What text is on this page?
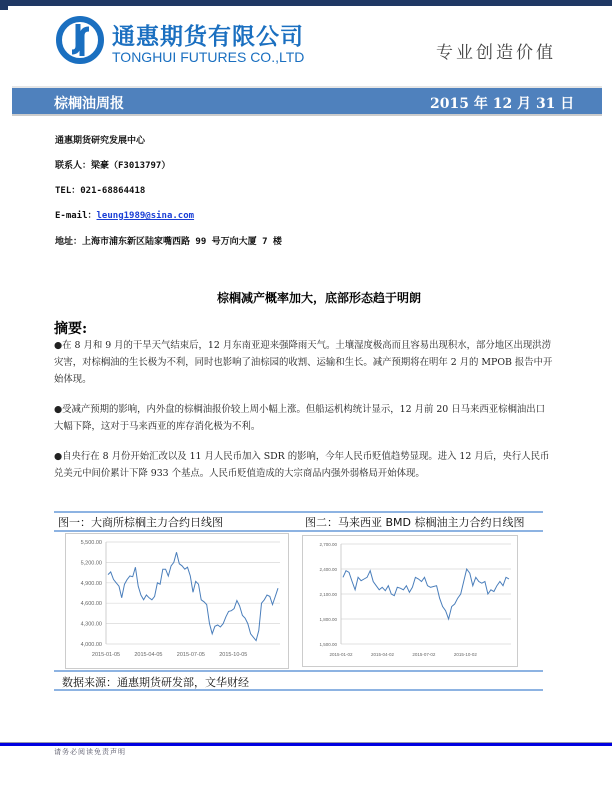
通惠期货有限公司
TONGHUI FUTURES CO.,LTD	专业创造价值
棕榈油周报	2015 年 12 月 31 日
通惠期货研究发展中心
联系人：梁豪（F3013797）
TEL：021-68864418
E-mail：leung1989@sina.com
地址：上海市浦东新区陆家嘴西路 99 号万向大厦 7 楼
棕榈减产概率加大，底部形态趋于明朗
摘要:
●在 8 月和 9 月的干旱天气结束后，12 月东南亚迎来强降雨天气。土壤湿度极高而且容易出现积水，部分地区出现洪涝灾害，对棕榈油的生长极为不利，同时也影响了油棕园的收割、运输和生长。减产预期将在明年 2 月的 MPOB 报告中开始体现。
●受减产预期的影响，内外盘的棕榈油报价较上周小幅上涨。但船运机构统计显示，12 月前 20 日马来西亚棕榈油出口大幅下降，这对于马来西亚的库存消化极为不利。
●自央行在 8 月份开始汇改以及 11 月人民币加入 SDR 的影响，今年人民币贬值趋势显现。进入 12 月后，央行人民币兑美元中间价累计下降 933 个基点。人民币贬值造成的大宗商品内强外弱格局开始体现。
图一：大商所棕榈主力合约日线图	图二：马来西亚 BMD 棕榈油主力合约日线图
4,000.00
4,300.00
4,600.00
4,900.00
5,200.00
5,500.00
2015-01-05	2015-04-05	2015-07-05	2015-10-05
1,500.00
1,800.00
2,100.00
2,400.00
2,700.00
2015-01-02	2015-04-02	2015-07-02	2015-10-02
数据来源：通惠期货研发部，文华财经
请务必阅读免责声明
